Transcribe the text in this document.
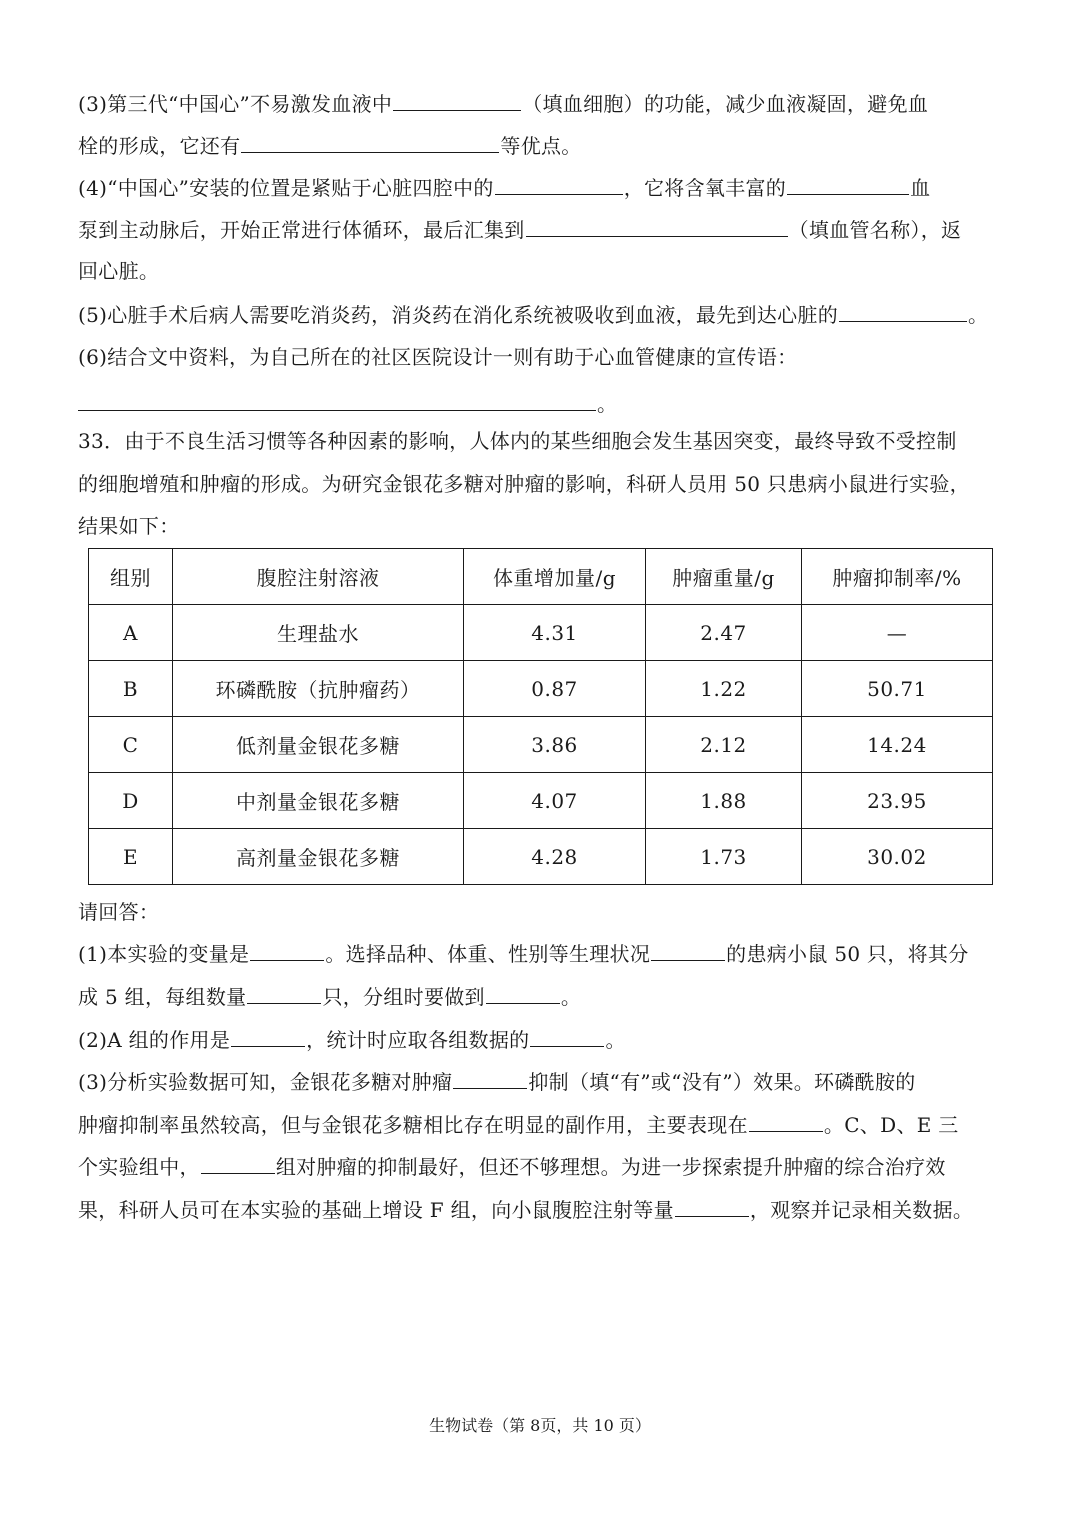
(3)第三代“中国心”不易激发血液中	（填血细胞）的功能，减少血液凝固，避免血
栓的形成，它还有	等优点。
(4)“中国心”安装的位置是紧贴于心脏四腔中的	，它将含氧丰富的	血
泵到主动脉后，开始正常进行体循环，最后汇集到	（填血管名称），返
回心脏。
(5)心脏手术后病人需要吃消炎药，消炎药在消化系统被吸收到血液，最先到达心脏的	。
(6)结合文中资料，为自己所在的社区医院设计一则有助于心血管健康的宣传语：
。
33．由于不良生活习惯等各种因素的影响，人体内的某些细胞会发生基因突变，最终导致不受控制
的细胞增殖和肿瘤的形成。为研究金银花多糖对肿瘤的影响，科研人员用 50 只患病小鼠进行实验，
结果如下：
组别	腹腔注射溶液	体重增加量/g	肿瘤重量/g	肿瘤抑制率/%
A	生理盐水	4.31	2.47	—
B	环磷酰胺（抗肿瘤药）	0.87	1.22	50.71
C	低剂量金银花多糖	3.86	2.12	14.24
D	中剂量金银花多糖	4.07	1.88	23.95
E	高剂量金银花多糖	4.28	1.73	30.02
请回答：
(1)本实验的变量是	。选择品种、体重、性别等生理状况	的患病小鼠 50 只，将其分
成 5 组，每组数量	只，分组时要做到	。
(2)A 组的作用是	，统计时应取各组数据的	。
(3)分析实验数据可知，金银花多糖对肿瘤	抑制（填“有”或“没有”）效果。环磷酰胺的
肿瘤抑制率虽然较高，但与金银花多糖相比存在明显的副作用，主要表现在	。C、D、E 三
个实验组中，	组对肿瘤的抑制最好，但还不够理想。为进一步探索提升肿瘤的综合治疗效
果，科研人员可在本实验的基础上增设 F 组，向小鼠腹腔注射等量	，观察并记录相关数据。
生物试卷（第 8页，共 10 页）
